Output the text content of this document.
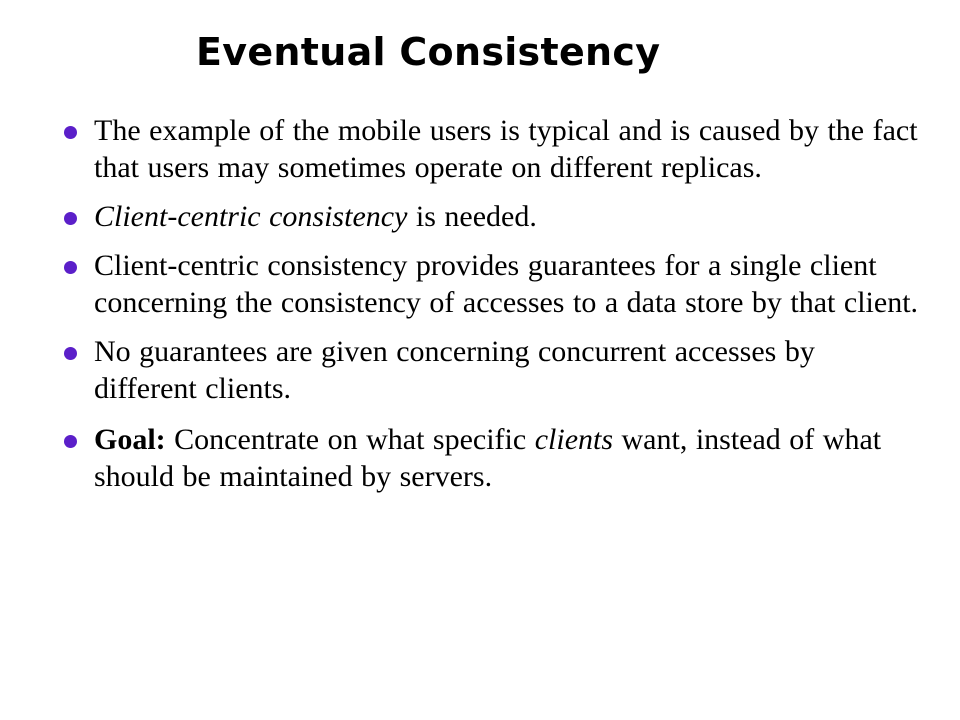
Eventual Consistency
The example of the mobile users is typical and is caused by the fact that users may sometimes operate on different replicas.
Client-centric consistency is needed.
Client-centric consistency provides guarantees for a single client concerning the consistency of accesses to a data store by that client.
No guarantees are given concerning concurrent accesses by different clients.
Goal: Concentrate on what specific clients want, instead of what should be maintained by servers.
